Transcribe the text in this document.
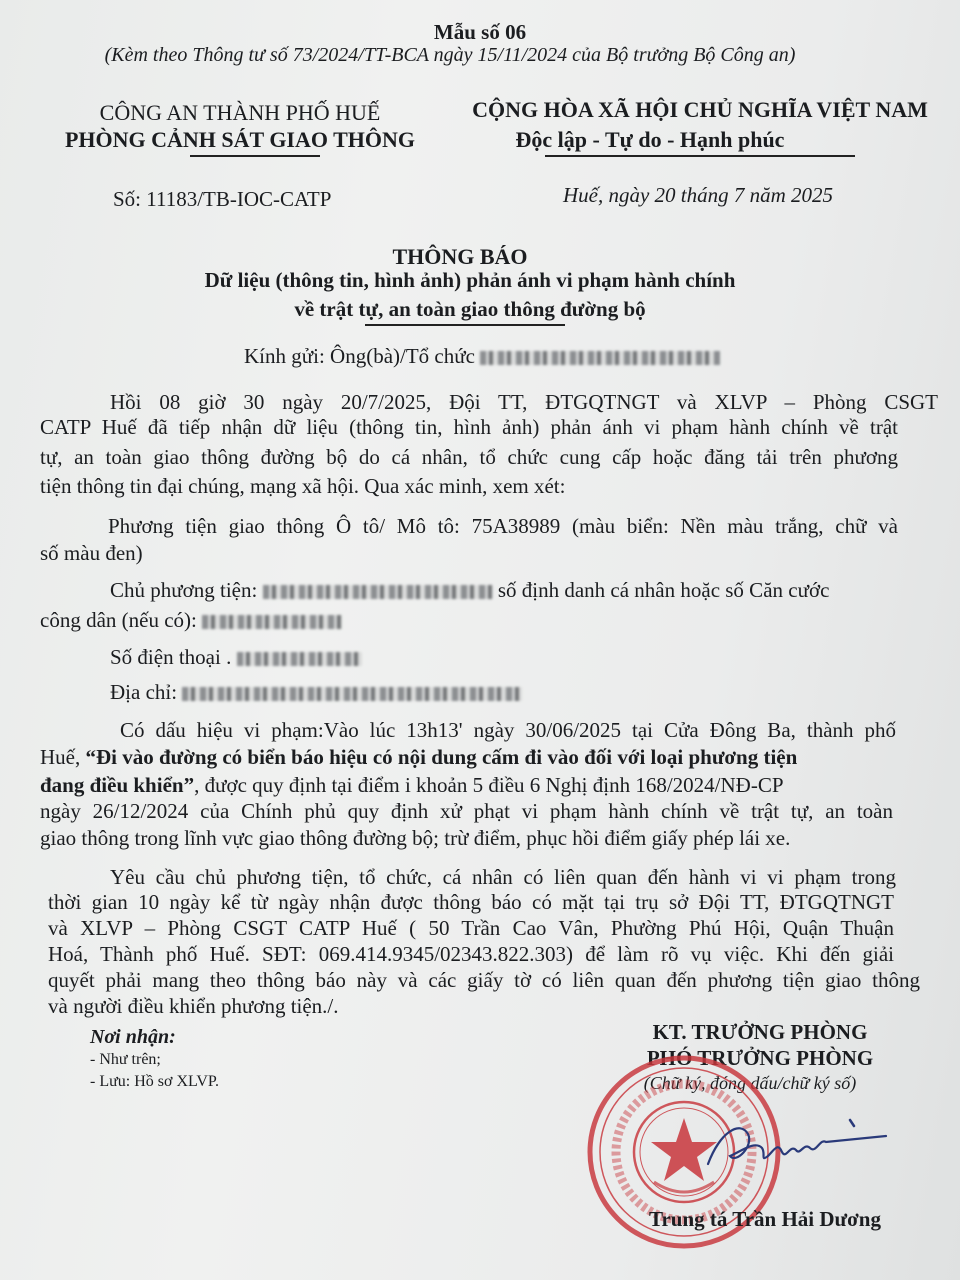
Mẫu số 06
(Kèm theo Thông tư số 73/2024/TT-BCA ngày 15/11/2024 của Bộ trưởng Bộ Công an)
CÔNG AN THÀNH PHỐ HUẾ
PHÒNG CẢNH SÁT GIAO THÔNG
CỘNG HÒA XÃ HỘI CHỦ NGHĨA VIỆT NAM
Độc lập - Tự do - Hạnh phúc
Số: 11183/TB-IOC-CATP	Huế, ngày 20 tháng 7 năm 2025
THÔNG BÁO
Dữ liệu (thông tin, hình ảnh) phản ánh vi phạm hành chính
về trật tự, an toàn giao thông đường bộ
Kính gửi: Ông(bà)/Tổ chức
Hồi 08 giờ 30 ngày 20/7/2025, Đội TT, ĐTGQTNGT và XLVP – Phòng CSGT
CATP Huế đã tiếp nhận dữ liệu (thông tin, hình ảnh) phản ánh vi phạm hành chính về trật
tự, an toàn giao thông đường bộ do cá nhân, tổ chức cung cấp hoặc đăng tải trên phương
tiện thông tin đại chúng, mạng xã hội. Qua xác minh, xem xét:
Phương tiện giao thông Ô tô/ Mô tô: 75A38989 (màu biển: Nền màu trắng, chữ và
số màu đen)
Chủ phương tiện:	số định danh cá nhân hoặc số Căn cước
công dân (nếu có):
Số điện thoại .
Địa chỉ:
Có dấu hiệu vi phạm:Vào lúc 13h13' ngày 30/06/2025 tại Cửa Đông Ba, thành phố
Huế, “Đi vào đường có biển báo hiệu có nội dung cấm đi vào đối với loại phương tiện
đang điều khiển”, được quy định tại điểm i khoản 5 điều 6 Nghị định 168/2024/NĐ-CP
ngày 26/12/2024 của Chính phủ quy định xử phạt vi phạm hành chính về trật tự, an toàn
giao thông trong lĩnh vực giao thông đường bộ; trừ điểm, phục hồi điểm giấy phép lái xe.
Yêu cầu chủ phương tiện, tổ chức, cá nhân có liên quan đến hành vi vi phạm trong
thời gian 10 ngày kể từ ngày nhận được thông báo có mặt tại trụ sở Đội TT, ĐTGQTNGT
và XLVP – Phòng CSGT CATP Huế ( 50 Trần Cao Vân, Phường Phú Hội, Quận Thuận
Hoá, Thành phố Huế. SĐT: 069.414.9345/02343.822.303) để làm rõ vụ việc. Khi đến giải
quyết phải mang theo thông báo này và các giấy tờ có liên quan đến phương tiện giao thông
và người điều khiển phương tiện./.
Nơi nhận:
- Như trên;
- Lưu: Hồ sơ XLVP.
KT. TRƯỞNG PHÒNG
PHÓ TRƯỞNG PHÒNG
(Chữ ký, đóng dấu/chữ ký số)
Trung tá Trần Hải Dương
